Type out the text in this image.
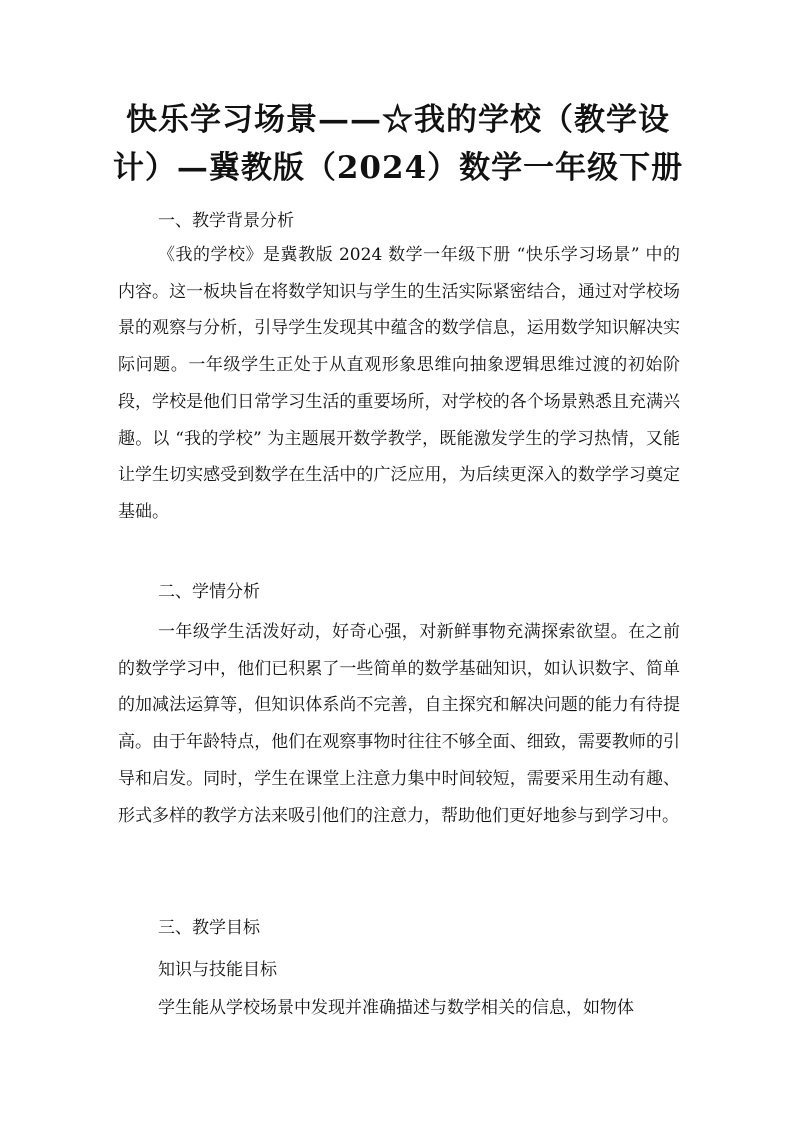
快乐学习场景——☆我的学校（教学设
计）—冀教版（2024）数学一年级下册

一、教学背景分析

《我的学校》是冀教版 2024 数学一年级下册 “快乐学习场景” 中的内容。这一板块旨在将数学知识与学生的生活实际紧密结合，通过对学校场景的观察与分析，引导学生发现其中蕴含的数学信息，运用数学知识解决实际问题。一年级学生正处于从直观形象思维向抽象逻辑思维过渡的初始阶段，学校是他们日常学习生活的重要场所，对学校的各个场景熟悉且充满兴趣。以 “我的学校” 为主题展开数学教学，既能激发学生的学习热情，又能让学生切实感受到数学在生活中的广泛应用，为后续更深入的数学学习奠定基础。

二、学情分析

一年级学生活泼好动，好奇心强，对新鲜事物充满探索欲望。在之前的数学学习中，他们已积累了一些简单的数学基础知识，如认识数字、简单的加减法运算等，但知识体系尚不完善，自主探究和解决问题的能力有待提高。由于年龄特点，他们在观察事物时往往不够全面、细致，需要教师的引导和启发。同时，学生在课堂上注意力集中时间较短，需要采用生动有趣、形式多样的教学方法来吸引他们的注意力，帮助他们更好地参与到学习中。

三、教学目标

知识与技能目标

学生能从学校场景中发现并准确描述与数学相关的信息，如物体
